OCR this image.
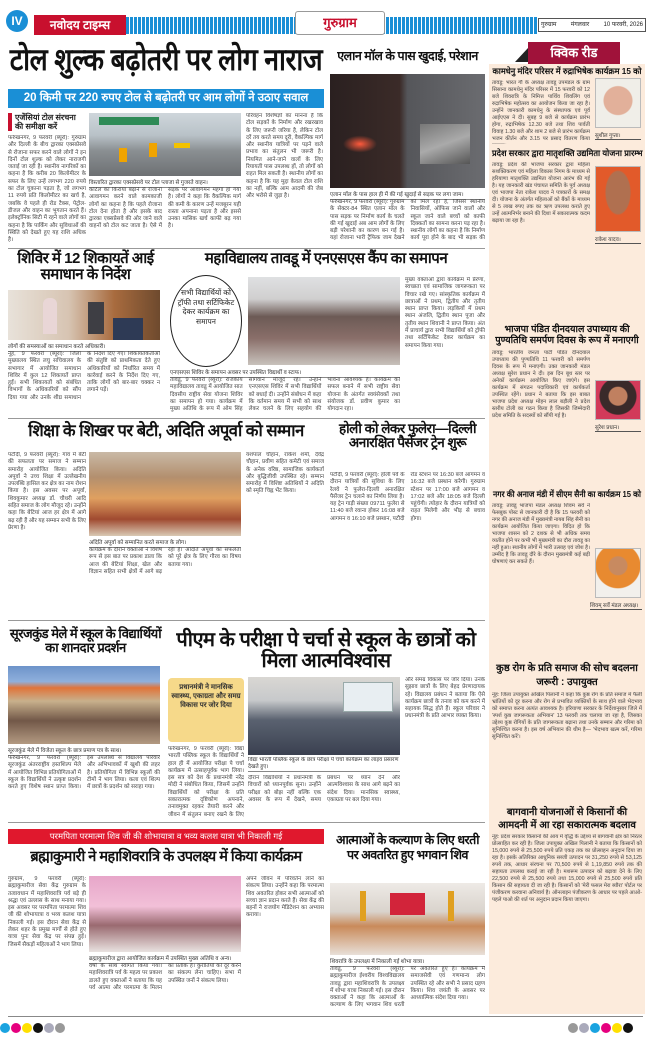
IV	नवोदय टाइम्स	गुरुग्राम	गुरुग्राम मंगलवार 10 फरवरी, 2026
टोल शुल्क बढ़ोतरी पर लोग नाराज
20 किमी पर 220 रुपए टोल से बढ़ोतरी पर आम लोगों ने उठाए सवाल
एजेंसियां टोल संरचना की समीक्षा करें
फर्रुखनगर, 9 फरवरी (ब्यूरो): गुरुग्राम और दिल्ली के बीच द्वारका एक्सप्रेसवे से रोजाना सफर करने वाले लोगों ने इन दिनों टोल शुल्क को लेकर नाराजगी जताई जा रही है। स्थानीय नागरिकों का कहना है कि करीब 20 किलोमीटर के सफर के लिए उन्हें लगभग 220 रुपये का टोल चुकाना पड़ता है, जो लगभग 11 रुपये प्रति किलोमीटर का खर्च है, जबकि वे पहले ही रोड टैक्स, पेट्रोल-डीजल और वाहन का भुगतान करते हैं। इलेक्ट्रॉनिक सिटी में रहने वाले लोगों का कहना है कि पार्किंग और सुविधाओं की स्थिति को देखते हुए यह राशि अधिक है।
विस्तारित द्वारका एक्सप्रेसवे पर टोल प्लाजा से गुजरते वाहन।
कोटेल का किराया बढ़ाने से रोजाना आवागमन करने वाले कामकाजी लोगों का कहना है कि पहले रोजाना टोल देना होता है और इसके बाद द्वारका एक्सप्रेसवे की ओर जाने वाले वाहनों को टोल कट जाता है। ऐसे में सड़क पर आवागमन महंगा हो गया है। लोगों ने कहा कि वैकल्पिक मार्ग की कमी के कारण उन्हें मजबूरन यही रास्ता अपनाना पड़ता है और इससे उनका मासिक खर्च काफी बढ़ गया है।
परिवहन विशेषज्ञों का मानना है कि टोल सड़कों के निर्माण और रखरखाव के लिए जरूरी जरिया है, लेकिन टोल दरें तय करते समय दूरी, वैकल्पिक मार्ग और स्थानीय यात्रियों पर पड़ने वाले प्रभाव का संतुलन भी जरूरी है। नियमित आने-जाने वालों के लिए रियायती पास उपलब्ध हों, तो लोगों को राहत मिल सकती है। स्थानीय लोगों का कहना है कि यह मुद्दा केवल टोल राशि का नहीं, बल्कि आम आदमी की जेब और भरोसे से जुड़ा है।
एलान मॉल के पास खुदाई, परेशान
एलान मॉल के पास हाल ही में की गई खुदाई से सड़क पर लगा जाम।
फर्रुखनगर, 9 फरवरी (ब्यूरो): गुरुग्राम के सेक्टर-84 स्थित एलान मॉल के पास सड़क पर निर्माण कार्य के चलते की गई खुदाई अब आम लोगों के लिए बड़ी परेशानी का कारण बन गई है। यहां रोजाना भारी ट्रैफिक जाम देखने को मिल रहा है, जिससे स्थानीय निवासियों, ऑफिस जाने वालों और स्कूल जाने वाले बच्चों को काफी दिक्कतों का सामना करना पड़ रहा है। स्थानीय लोगों का कहना है कि निर्माण कार्य पूरा होने के बाद भी सड़क की
शिविर में 12 शिकायतें आई समाधान के निर्देश
लोगों की समस्याओं का समाधान करते अधिकारी।
नूंह, 9 फरवरी (ब्यूरो): जिला मुख्यालय स्थित लघु सचिवालय के सभागार में आयोजित समाधान शिविर में कुल 12 शिकायतें प्राप्त हुईं। सभी शिकायतों को संबंधित विभागों के अधिकारियों को सौंप दिया गया और उनके शीघ्र समाधान के निर्देश दिए गए। शिकायतकर्ताओं की संतुष्टि को प्राथमिकता देते हुए अधिकारियों को निर्धारित समय में कार्रवाई करने के निर्देश दिए गए, ताकि लोगों को बार-बार चक्कर न लगाने पड़ें।
महाविद्यालय तावडू में एनएसएस कैंप का समापन
सभी विद्यार्थियों को ट्रॉफी तथा सर्टिफिकेट देकर कार्यक्रम का समापन
एनएसएस शिविर के समापन अवसर पर उपस्थित विद्यार्थी व स्टाफ।
तावडू, 9 फरवरी (ब्यूरो): राजकीय महाविद्यालय तावडू में आयोजित सात दिवसीय राष्ट्रीय सेवा योजना शिविर का समापन हो गया। कार्यक्रम में मुख्य अतिथि के रूप में ओम सिंह सांगवान मौजूद रहे। उन्होंने एनएसएस शिविर में सभी विद्यार्थियों को बधाई दी। उन्होंने संबोधन में कहा कि वर्तमान समय में सभी को साथ लेकर चलने के लिए सहयोग की भावना आवश्यक है। कार्यक्रम को सफल बनाने में सभी राष्ट्रीय सेवा योजना के अंतर्गत स्वयंसेवकों तथा संयोजक डॉ. प्रवीण कुमार का योगदान रहा।
मुख्य वक्ताओं द्वारा कार्यक्रम में प्रेरणा, स्वच्छता एवं सामाजिक जागरूकता पर विचार रखे गए। सांस्कृतिक कार्यक्रम में छात्राओं ने प्रथम, द्वितीय और तृतीय स्थान प्राप्त किया। लड़कियों में प्रथम स्थान अंजलि, द्वितीय स्थान पूजा और तृतीय स्थान शिवानी ने प्राप्त किया। अंत में प्राचार्य द्वारा सभी विद्यार्थियों को ट्रॉफी तथा सर्टिफिकेट देकर कार्यक्रम का समापन किया गया।
शिक्षा के शिखर पर बेटी, अदिति अपूर्वा को सम्मान
पटौदी, 9 फरवरी (ब्यूरो): गांव में बेटी की सफलता पर समाज ने सम्मान समारोह आयोजित किया। अदिति अपूर्वा ने उच्च शिक्षा में उल्लेखनीय उपलब्धि हासिल कर क्षेत्र का नाम रोशन किया है। इस अवसर पर अपूर्वा, शिवकुमार अध्यक्ष डॉ. चौधरी आदि सहित समाज के लोग मौजूद रहे। उन्होंने कहा कि बेटियां आज हर क्षेत्र में आगे बढ़ रही हैं और यह सम्मान सभी के लिए प्रेरणा है।
अदिति अपूर्वा को सम्मानित करते समाज के लोग।
कार्यक्रम के दौरान वक्ताओं ने विशेष रूप से इस बात पर प्रकाश डाला कि आज की बेटियां शिक्षा, खेल और विज्ञान सहित सभी क्षेत्रों में आगे बढ़ रही हैं। अदिति अपूर्वा की सफलता को पूरे क्षेत्र के लिए गौरव का विषय बताया गया।
यशपाल चौहान, राकेश शर्मा, देवेंद्र चौहान, प्रवीण सहित कमेटी एवं समाज के अनेक वरिष्ठ, सामाजिक कार्यकर्ता और बुद्धिजीवी उपस्थित रहे। सम्मान समारोह में विशिष्ट अतिथियों ने अदिति को स्मृति चिह्न भेंट किया।
होली को लेकर फुलेरा—दिल्ली अनारक्षित पैसेंजर ट्रेन शुरू
पटौदी, 9 फरवरी (ब्यूरो): होली पर्व के दौरान यात्रियों की सुविधा के लिए रेलवे ने फुलेरा-दिल्ली अनारक्षित पैसेंजर ट्रेन चलाने का निर्णय लिया है। यह ट्रेन गाड़ी संख्या 09711 फुलेरा से 11:40 बजे रवाना होकर 16:08 बजे आगमन व 16:10 बजे प्रस्थान, पटौदी रोड स्टेशन पर 16:30 बजे आगमन व 16:32 बजे प्रस्थान करेगी। गुरुग्राम स्टेशन पर 17:00 बजे आगमन व 17:02 बजे और 18:05 बजे दिल्ली पहुंचेगी। त्योहार के दौरान यात्रियों को राहत मिलेगी और भीड़ से बचाव होगा।
सूरजकुंड मेले में स्कूल के विद्यार्थियों का शानदार प्रदर्शन
सूरजकुंड मेले में विजेता स्कूल के छात्र प्रमाण पत्र के साथ।
फर्रुखनगर, 9 फरवरी (ब्यूरो): सूरजकुंड अंतरराष्ट्रीय हस्तशिल्प मेले में आयोजित विभिन्न प्रतियोगिताओं में स्कूल के विद्यार्थियों ने उत्कृष्ट प्रदर्शन करते हुए विशेष स्थान प्राप्त किया। इस उपलब्धि से विद्यालय परिवार और अभिभावकों में खुशी की लहर है। प्रतियोगिता में विभिन्न स्कूलों की टीमों ने भाग लिया। कला एवं शिल्प में छात्रों के प्रदर्शन को सराहा गया।
पीएम के परीक्षा पे चर्चा से स्कूल के छात्रों को मिला आत्मविश्वास
प्रधानमंत्री ने मानसिक स्वास्थ्य, एकाग्रता और समग्र विकास पर जोर दिया
फर्रुखनगर, 9 फरवरी (ब्यूरो): विद्या भारती पब्लिक स्कूल के विद्यार्थियों ने हाल ही में आयोजित परीक्षा पे चर्चा कार्यक्रम में उत्साहपूर्वक भाग लिया। इस सत्र को देश के प्रधानमंत्री नरेंद्र मोदी ने संबोधित किया, जिसमें उन्होंने विद्यार्थियों को परीक्षा के प्रति सकारात्मक दृष्टिकोण अपनाने, तनावमुक्त रहकर तैयारी करने और जीवन में संतुलन बनाए रखने के लिए
विद्या भारती पब्लिक स्कूल के छात्र परीक्षा पे चर्चा कार्यक्रम का लाइव प्रसारण देखते हुए।
दौरान विद्यार्थियों ने प्रधानमंत्री के विचारों को ध्यानपूर्वक सुना। उन्होंने परीक्षा को बोझ नहीं बल्कि एक अवसर के रूप में देखने, समय प्रबंधन पर ध्यान देने और आत्मविश्वास के साथ आगे बढ़ने का संदेश दिया। मानसिक स्वास्थ्य, एकाग्रता पर बल दिया गया।
और समग्र विकास पर जोर दिया। उनके सुझाव छात्रों के लिए बेहद प्रेरणादायक रहे। विद्यालय प्रबंधन ने बताया कि ऐसे कार्यक्रम छात्रों के तनाव को कम करने में सहायक सिद्ध होते हैं। स्कूल परिवार ने प्रधानमंत्री के प्रति आभार व्यक्त किया।
परमपिता परमात्मा शिव जी की शोभायात्रा व भव्य कलश यात्रा भी निकाली गई
ब्रह्माकुमारी ने महाशिवरात्रि के उपलक्ष्य में किया कार्यक्रम
गुरुग्राम, 9 फरवरी (ब्यूरो): ब्रह्माकुमारीज सेवा केंद्र गुरुग्राम के तत्वावधान में महाशिवरात्रि पर्व बड़े ही श्रद्धा एवं उल्लास के साथ मनाया गया। इस अवसर पर परमपिता परमात्मा शिव जी की शोभायात्रा व भव्य कलश यात्रा निकाली गई। इस दौरान सेवा केंद्र से लेकर शहर के प्रमुख मार्गों से होते हुए यात्रा पुनः सेवा केंद्र पर संपन्न हुई। जिसमें सैकड़ों महिलाओं ने भाग लिया।
ब्रह्माकुमारीज द्वारा आयोजित कार्यक्रम में उपस्थित मुख्य अतिथि व अन्य।
वर्षों के साथ स्वागत किया गया। महाशिवरात्रि पर्व के महत्व पर प्रकाश डालते हुए वक्ताओं ने बताया कि यह पर्व आत्मा और परमात्मा के मिलन का प्रतीक है। कुरीतियों को दूर करने का संकल्प लेना चाहिए। सभा में उपस्थित जनों ने संकल्प लिया।
अपने जीवन में परिवर्तन लाने का संकल्प लिया। उन्होंने कहा कि परमात्मा शिव अवतरित होकर सभी आत्माओं को सच्चा ज्ञान प्रदान करते हैं। सेवा केंद्र की बहनों ने राजयोग मेडिटेशन का अभ्यास कराया।
आत्माओं के कल्याण के लिए धरती पर अवतरित हुए भगवान शिव
शिवरात्रि के उपलक्ष्य में निकाली गई शोभा यात्रा।
तावडू, 9 फरवरी (ब्यूरो): ब्रह्माकुमारीज ईश्वरीय विश्वविद्यालय तावडू द्वारा महाशिवरात्रि के उपलक्ष्य में शोभा यात्रा निकाली गई। इस दौरान वक्ताओं ने कहा कि आत्माओं के कल्याण के लिए भगवान शिव धरती पर अवतरित हुए हैं। कार्यक्रम में समाजसेवी एवं गणमान्य लोग उपस्थित रहे और सभी ने प्रसाद ग्रहण किया। शिव जयंती के अवसर पर आध्यात्मिक संदेश दिया गया।
क्विक रीड
कामधेनु मंदिर परिसर में रुद्राभिषेक कार्यक्रम 15 को
तावडू: भारत गौ के अध्यक्ष तावडू उपमंडल के ग्राम सिसाना कामधेनु मंदिर परिसर में 15 फरवरी को 12 बजे शिवरात्रि के निमित्त पार्थिव शिवलिंग एवं रुद्राभिषेक महोत्सव का आयोजन किया जा रहा है। उन्होंने जानकारी कामधेनु के संस्थापक एवं पूर्व आईएएस ने दी। सुबह 9 बजे से कार्यक्रम प्रारंभ होगा, रुद्राभिषेक 12.30 बजे तथा शिव पार्वती विवाह 1.30 बजे और शाम 2 बजे से प्रारंभ कार्यक्रम भजन कीर्तन और 3.15 पर प्रसाद वितरण किया सुशील गुप्ता।
प्रदेश सरकार द्वारा मातृशक्ति उद्यमिता योजना प्रारम्भ
तावडू: प्रदेश की भाजपा सरकार द्वारा महिला सशक्तिकरण एवं महिला विकास निगम के माध्यम से हरियाणा मातृशक्ति उद्यमिता योजना आरंभ की गई है। यह जानकारी खंड पंचायत समिति के पूर्व अध्यक्ष एवं भाजपा नेता राकेश यादव ने पत्रकारों के समक्ष दी। योजना के अंतर्गत महिलाओं को बैंकों के माध्यम से 5 लाख रुपए तक का ऋण उपलब्ध कराते हुए उन्हें आत्मनिर्भर बनाने की दिशा में सकारात्मक कदम बढ़ाया जा रहा है।
राकेश यादव।
भाजपा पंडित दीनदयाल उपाध्याय की पुण्यतिथि समर्पण दिवस के रूप में मनाएगी
तावडू: भारतीय जनता पार्टी पंडित दीनदयाल उपाध्याय की पुण्यतिथि 11 फरवरी को समर्पण दिवस के रूप में मनाएगी। उक्त जानकारी मंडल अध्यक्ष सुरेश प्रधान ने दी। इस दिन बूथ स्तर पर अनेकों कार्यक्रम आयोजित किए जाएंगे। इस कार्यक्रम में संगठन पदाधिकारी एवं कार्यकर्ता उपस्थित रहेंगे। प्रधान ने बताया कि इस बाबत भाजपा प्रदेश अध्यक्ष मोहन लाल बड़ौली ने प्रदेश स्तरीय टोली का गठन किया है जिसकी जिम्मेदारी प्रदेश समिति के सदस्यों को सौंपी गई है।
सुरेश प्रधान।
नगर की अनाज मंडी में सीएम सैनी का कार्यक्रम 15 को
तावडू: तावडू भाजपा मंडल अध्यक्ष शिवम सर्वे ने फेसबुक पोस्ट से जानकारी दी है कि 15 फरवरी को नगर की अनाज मंडी में मुख्यमंत्री नायब सिंह सैनी का कार्यक्रम आयोजित किया जाएगा। विदित हो कि भाजपा शासन को 2 दशक से भी अधिक समय व्यतीत होने पर कभी भी मुख्यमंत्री का दौरा तावडू का नहीं हुआ। स्थानीय लोगों में भारी उत्साह एवं जोश है। उम्मीद है कि तावडू दौरे के दौरान मुख्यमंत्री कई बड़ी घोषणाएं कर सकते हैं।
शिवम् सर्वे मंडल अध्यक्ष।
कुष्ठ रोग के प्रति समाज की सोच बदलना जरूरी : उपायुक्त
नूंह: जिला उपायुक्त अखिल पिलानी ने कहा कि कुष्ठ रोग के प्रति समाज में फैली भ्रांतियों को दूर करना और रोग से प्रभावित व्यक्तियों के साथ होने वाले भेदभाव को समाप्त करना अत्यंत आवश्यक है। हरियाणा सरकार के निर्देशानुसार जिले में 'स्पर्श कुष्ठ जागरूकता अभियान' 13 फरवरी तक चलाया जा रहा है, जिसका उद्देश्य कुष्ठ रोगियों के प्रति जागरूकता बढ़ाना तथा उनके सम्मान और गरिमा को सुनिश्चित करना है। इस वर्ष अभियान की थीम है— 'भेदभाव खत्म करें, गरिमा सुनिश्चित करें'।
बागवानी योजनाओं से किसानों की आमदनी में आ रहा सकारात्मक बदलाव
नूंह: प्रदेश सरकार किसानों की आय में वृद्धि के उद्देश्य से बागवानी क्षेत्र को निरंतर प्रोत्साहित कर रही है। जिला उपायुक्त अखिल पिलानी ने बताया कि किसानों को 15,000 रुपये से 25,500 रुपये प्रति एकड़ तक का प्रोत्साहन अनुदान दिया जा रहा है। इसके अतिरिक्त आधुनिक सब्जी उत्पादन पर 31,250 रुपये से 53,125 रुपये तक, आधार संरचना पर 70,500 रुपये से 1,19,850 रुपये तक की सहायता उपलब्ध कराई जा रही है। मशरूम उत्पादन को बढ़ावा देने के लिए 22,500 रुपये से 25,500 रुपये तथा 15,000 रुपये से 25,500 रुपये प्रति किसान की सहायता दी जा रही है। किसानों को 'मेरी फसल मेरा ब्यौरा' पोर्टल पर पंजीकरण करवाना अनिवार्य है। ऑनलाइन पंजीकरण के आधार पर पहले आओ-पहले पाओ की शर्त पर अनुदान प्रदान किया जाएगा।
